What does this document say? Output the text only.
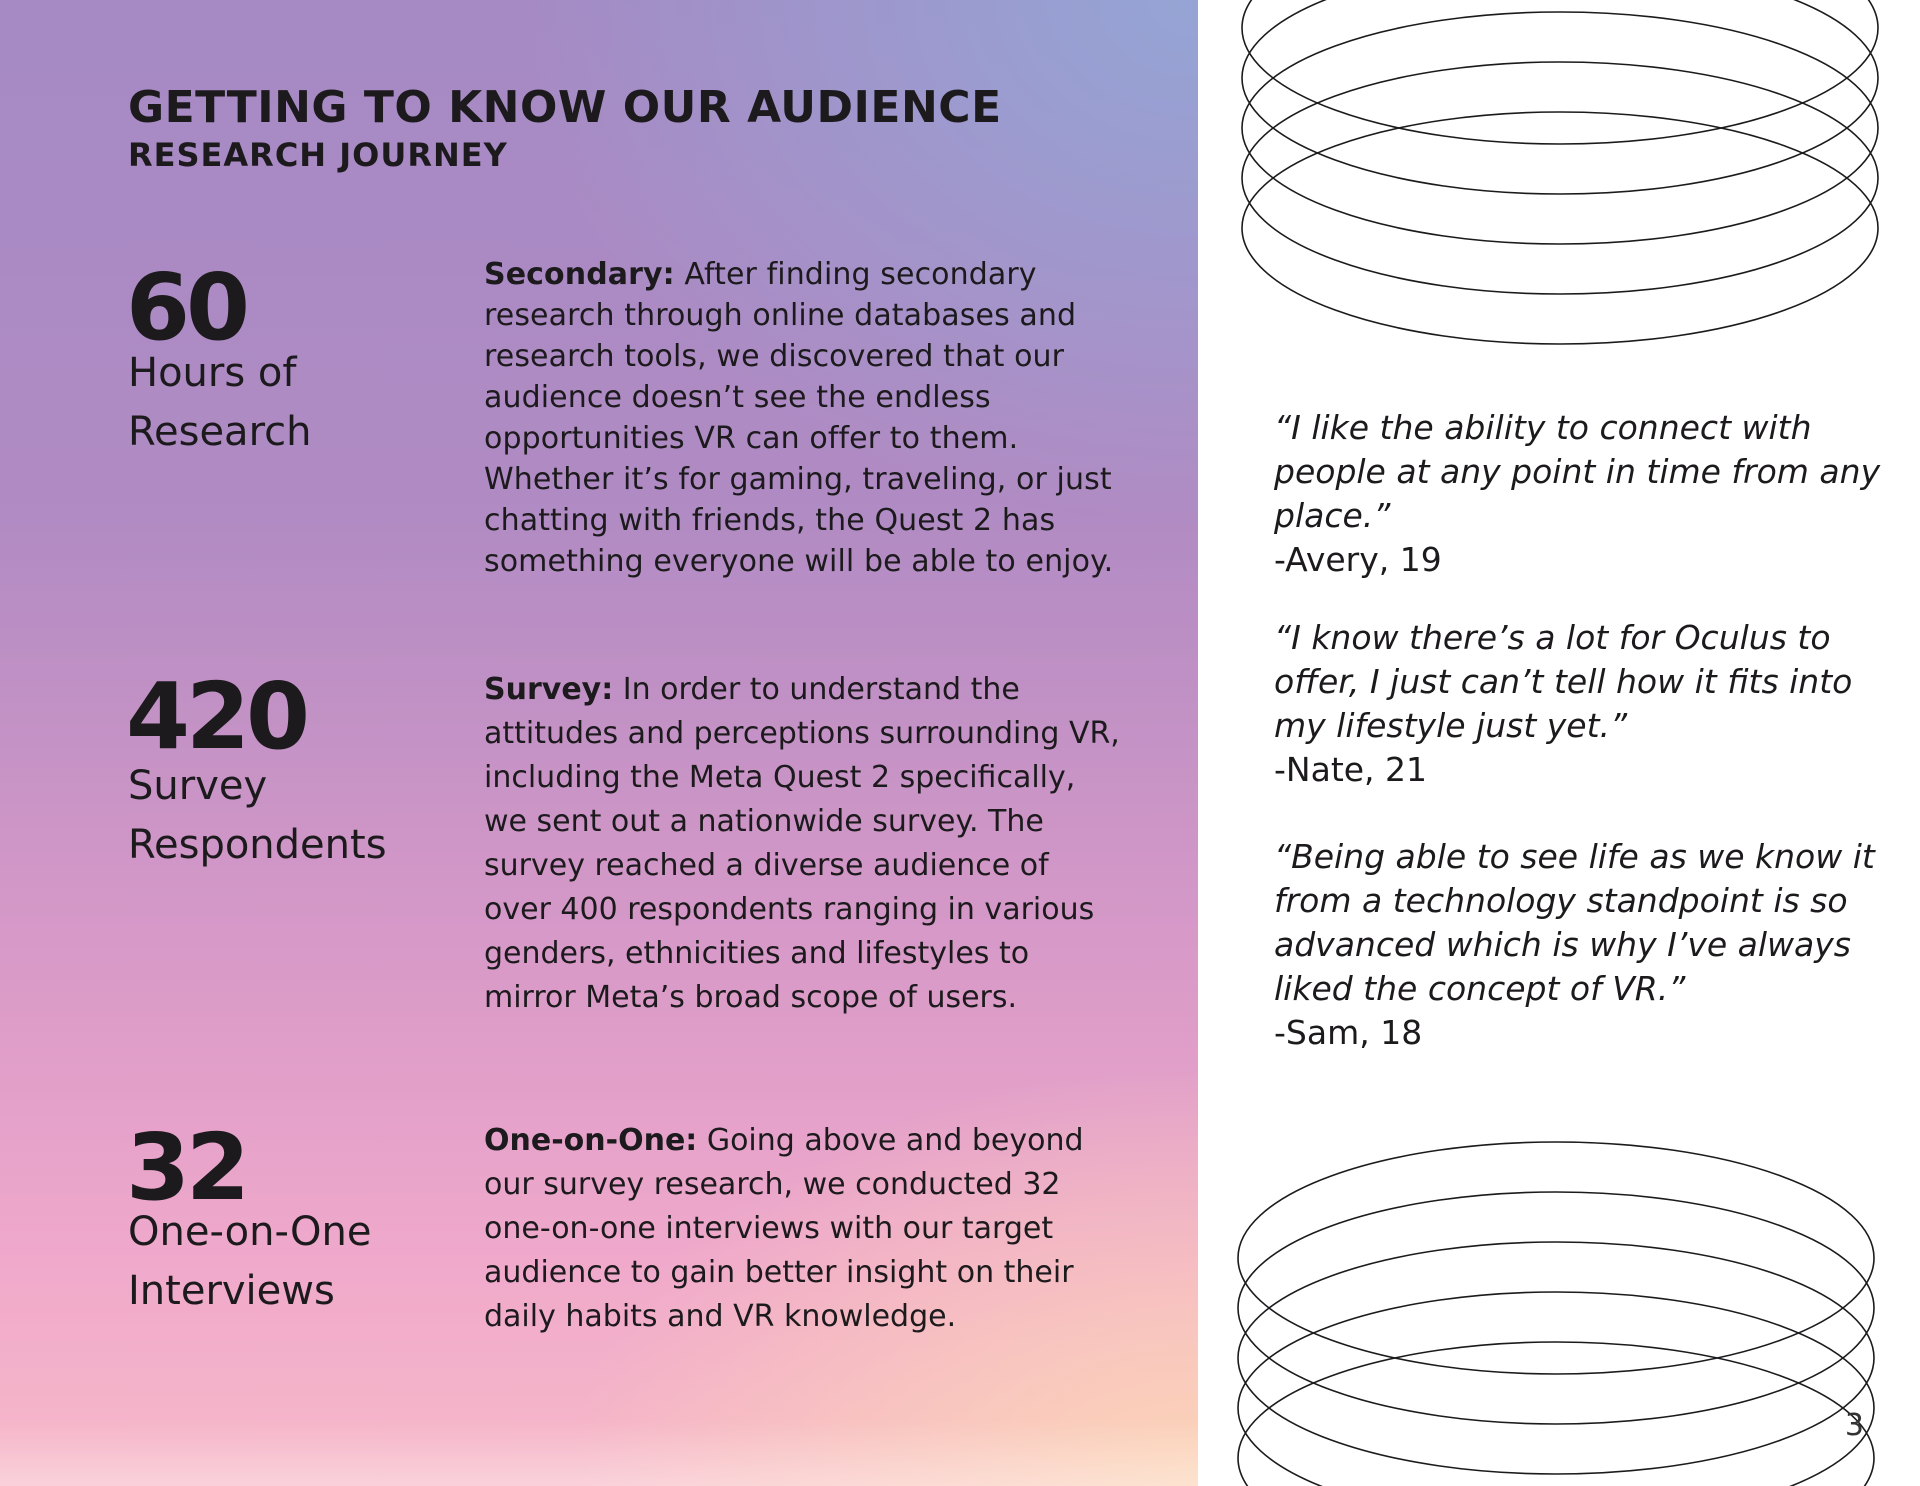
GETTING TO KNOW OUR AUDIENCE
RESEARCH JOURNEY
60
Hours of
Research

Secondary: After finding secondary research through online databases and research tools, we discovered that our audience doesn’t see the endless opportunities VR can offer to them. Whether it’s for gaming, traveling, or just chatting with friends, the Quest 2 has something everyone will be able to enjoy.

420
Survey
Respondents

Survey: In order to understand the attitudes and perceptions surrounding VR, including the Meta Quest 2 specifically, we sent out a nationwide survey. The survey reached a diverse audience of over 400 respondents ranging in various genders, ethnicities and lifestyles to mirror Meta’s broad scope of users.

32
One-on-One
Interviews

One-on-One: Going above and beyond our survey research, we conducted 32 one-on-one interviews with our target audience to gain better insight on their daily habits and VR knowledge.

“I like the ability to connect with people at any point in time from any place.”
-Avery, 19
“I know there’s a lot for Oculus to offer, I just can’t tell how it fits into my lifestyle just yet.”
-Nate, 21
“Being able to see life as we know it from a technology standpoint is so advanced which is why I’ve always liked the concept of VR.”
-Sam, 18
3
